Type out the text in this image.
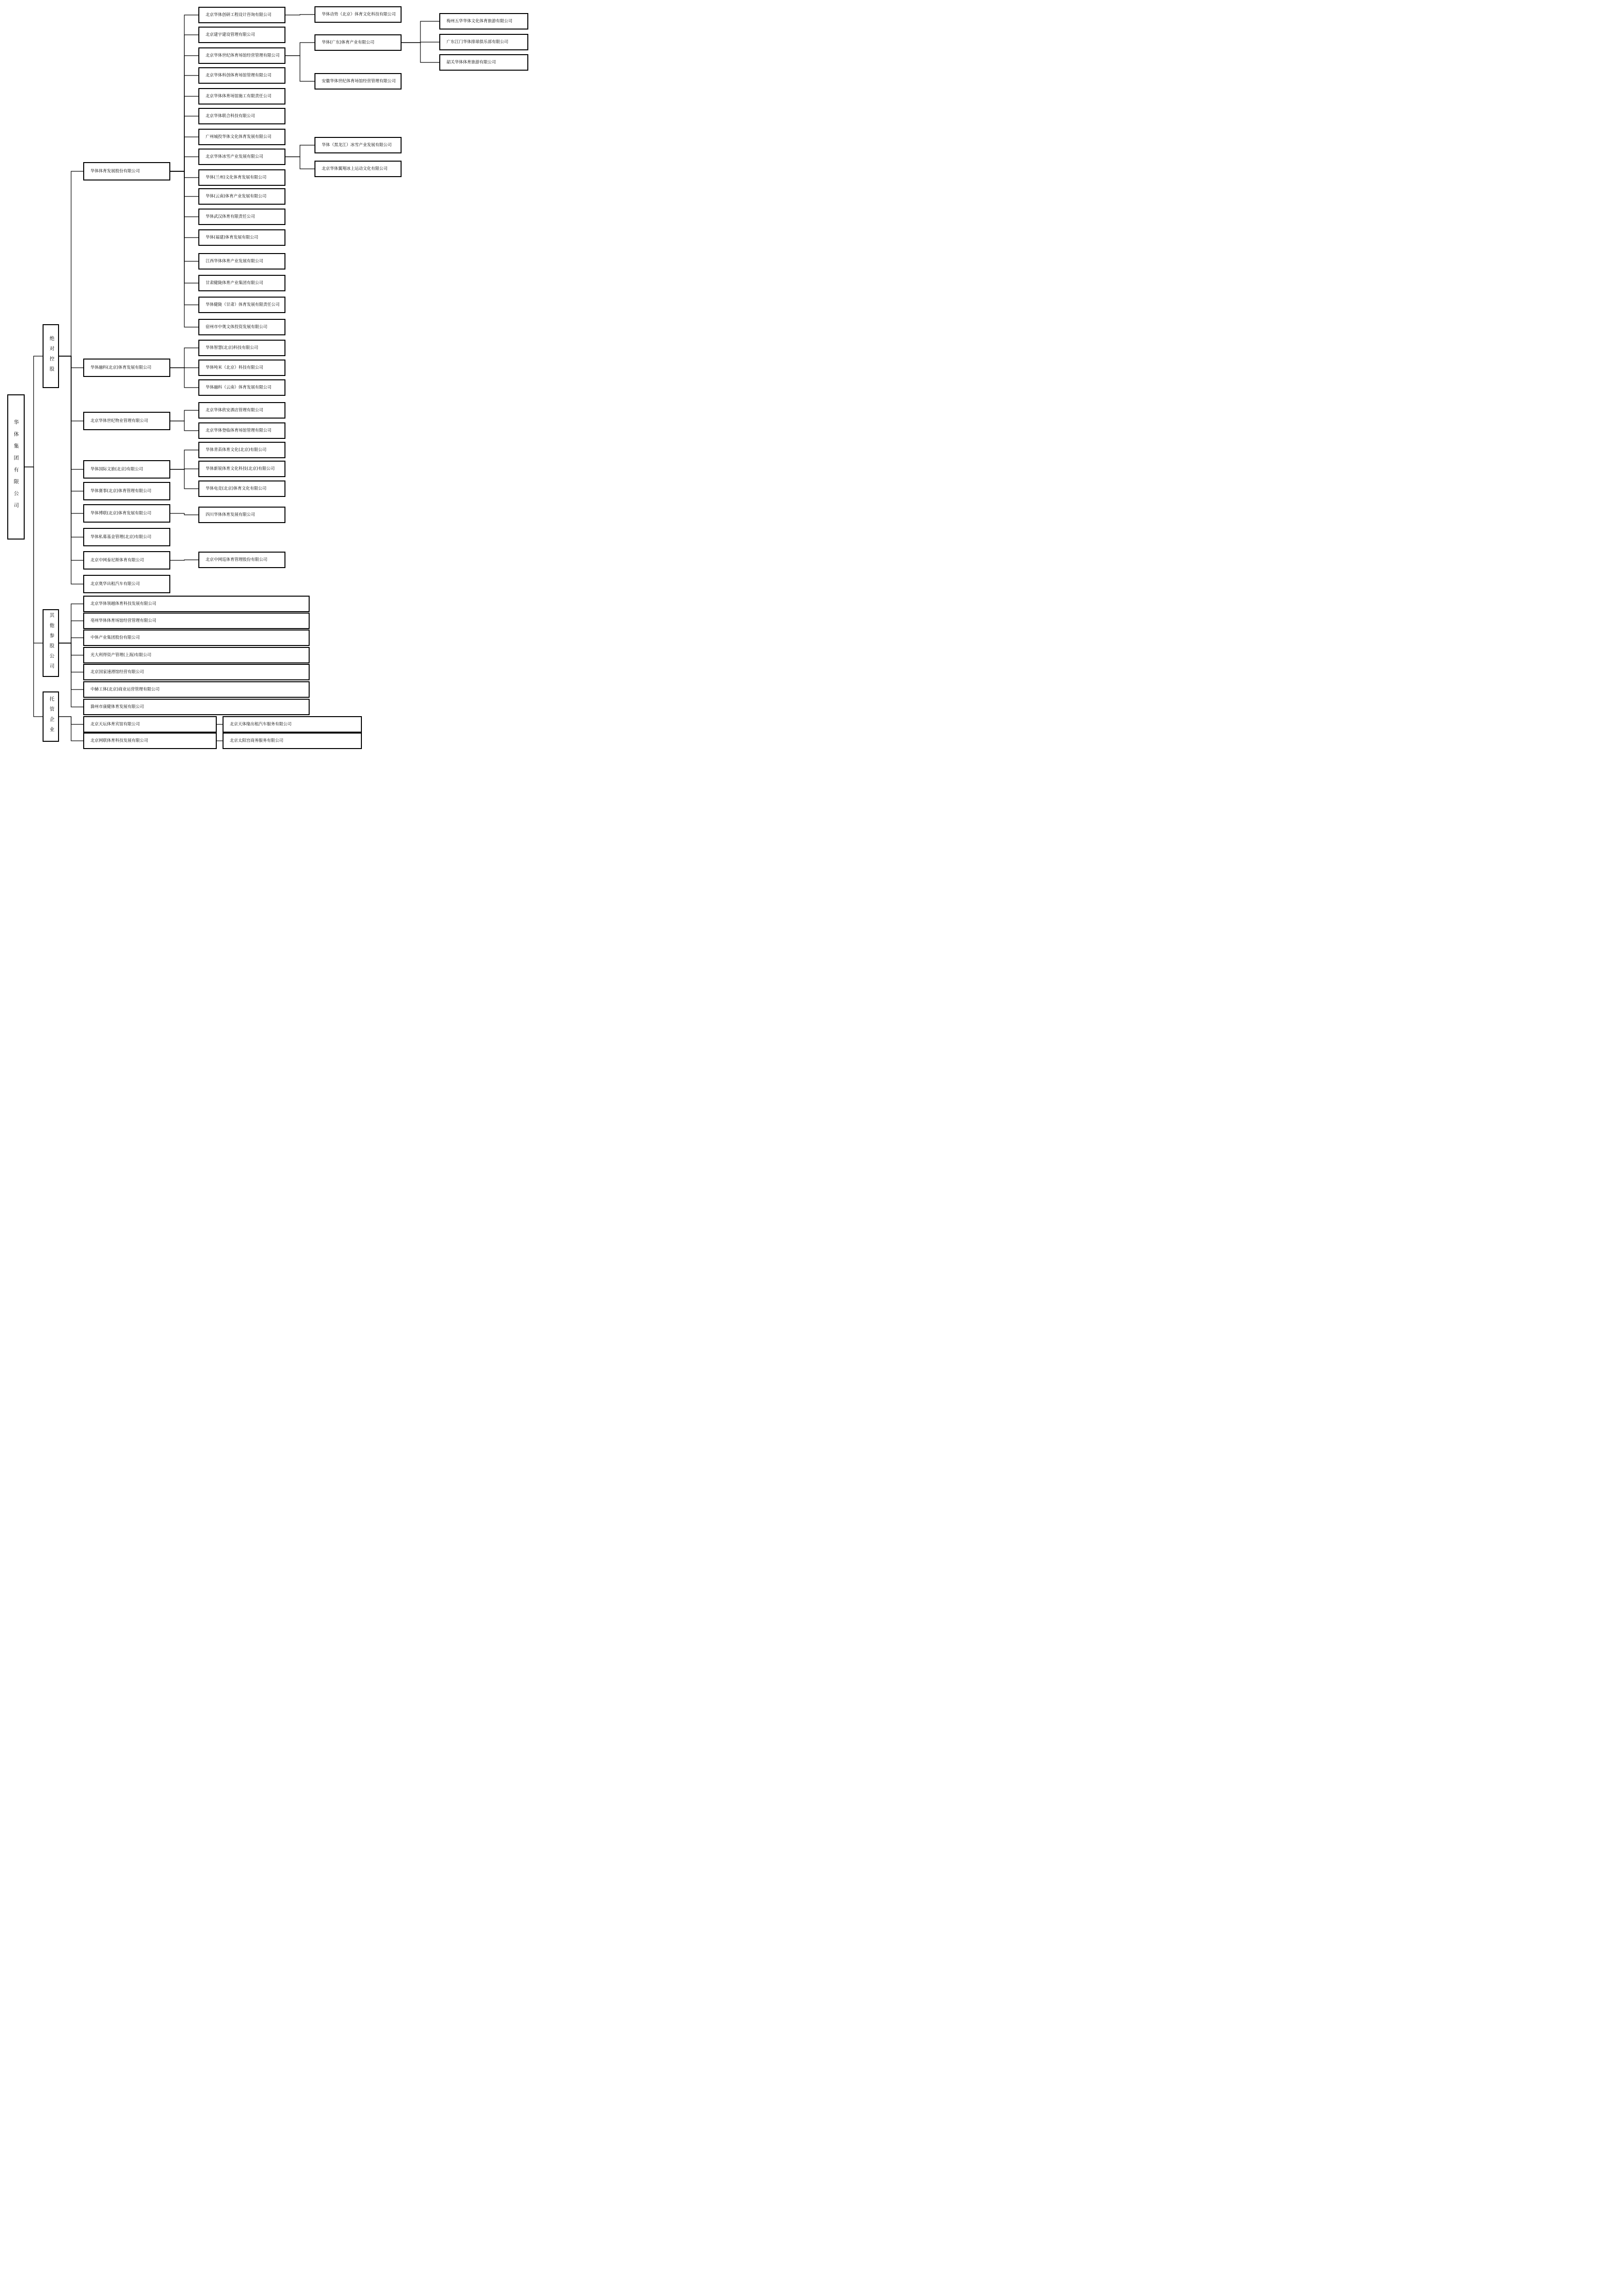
华体集团有限公司
绝对控股
其他参股公司
托管企业
华体体育发展股份有限公司
华体融科(北京)体育发展有限公司
北京华体世纪物业管理有限公司
华体国际文旅(北京)有限公司
华体赛事(北京)体育管理有限公司
华体博联(北京)体育发展有限公司
华体私募基金管理(北京)有限公司
北京中网泰尼斯体育有限公司
北京奥华出租汽车有限公司
北京华体创研工程设计咨询有限公司
北京建宇建设管理有限公司
北京华体世纪体育场馆经营管理有限公司
北京华体科创体育场馆管理有限公司
北京华体体育场馆施工有限责任公司
北京华体联合科技有限公司
广州城投华体文化体育发展有限公司
北京华体冰雪产业发展有限公司
华体(兰州)文化体育发展有限公司
华体(云南)体育产业发展有限公司
华体武汉体育有限责任公司
华体(福建)体育发展有限公司
江西华体体育产业发展有限公司
甘肃健陇体育产业集团有限公司
华体健陇（甘肃）体育发展有限责任公司
宿州市中奥文体投资发展有限公司
华体智慧(北京)科技有限公司
华体吨米（北京）科技有限公司
华体融科（云南）体育发展有限公司
北京华体欣安酒店管理有限公司
北京华体登临体育场馆管理有限公司
华体青苗体育文化(北京)有限公司
华体新锐体育文化科技(北京)有限公司
华体电竞(北京)体育文化有限公司
四川华体体育发展有限公司
北京中网巡体育管理股份有限公司
华体动势（北京）体育文化科技有限公司
华体(广东)体育产业有限公司
安徽华体世纪体育场馆经营管理有限公司
华体（黑龙江）冰雪产业发展有限公司
北京华体翼翔冰上运动文化有限公司
梅州五华华体文化体育旅游有限公司
广东江门华体排球俱乐部有限公司
韶关华体体育旅游有限公司
北京华体领越体育科技发展有限公司
亳州华体体育场馆经营管理有限公司
中体产业集团股份有限公司
光大利得资产管理(上海)有限公司
北京国家速滑馆经营有限公司
中赫工体(北京)商业运营管理有限公司
滁州市康健体育发展有限公司
北京天坛体育宾馆有限公司
北京网联体育科技发展有限公司
北京天体缘出租汽车服务有限公司
北京太阳宫商务服务有限公司
